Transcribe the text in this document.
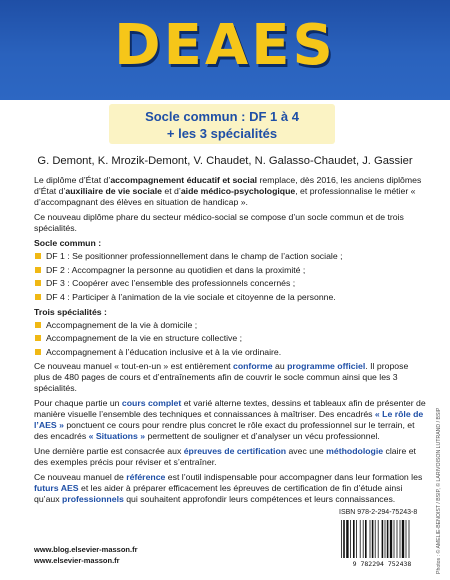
DEAES
Socle commun : DF 1 à 4
+ les 3 spécialités
G. Demont, K. Mrozik-Demont, V. Chaudet, N. Galasso-Chaudet, J. Gassier

Le diplôme d’État d’accompagnement éducatif et social remplace, dès 2016, les anciens diplômes d’État d’auxiliaire de vie sociale et d’aide médico-psychologique, et professionnalise le métier « d’accompagnant des élèves en situation de handicap ».

Ce nouveau diplôme phare du secteur médico-social se compose d’un socle commun et de trois spécialités.

Socle commun :
DF 1 : Se positionner professionnellement dans le champ de l’action sociale ;
DF 2 : Accompagner la personne au quotidien et dans la proximité ;
DF 3 : Coopérer avec l’ensemble des professionnels concernés ;
DF 4 : Participer à l’animation de la vie sociale et citoyenne de la personne.
Trois spécialités :
Accompagnement de la vie à domicile ;
Accompagnement de la vie en structure collective ;
Accompagnement à l’éducation inclusive et à la vie ordinaire.

Ce nouveau manuel « tout-en-un » est entièrement conforme au programme officiel. Il propose plus de 480 pages de cours et d’entraînements afin de couvrir le socle commun ainsi que les 3 spécialités.

Pour chaque partie un cours complet et varié alterne textes, dessins et tableaux afin de présenter de manière visuelle l’ensemble des techniques et connaissances à maîtriser. Des encadrés « Le rôle de l’AES » ponctuent ce cours pour rendre plus concret le rôle exact du professionnel sur le terrain, et des encadrés « Situations » permettent de souligner et d’analyser un vécu professionnel.

Une dernière partie est consacrée aux épreuves de certification avec une méthodologie claire et des exemples précis pour réviser et s’entraîner.

Ce nouveau manuel de référence est l’outil indispensable pour accompagner dans leur formation les futurs AES et les aider à préparer efficacement les épreuves de certification de fin d’étude ainsi qu’aux professionnels qui souhaitent approfondir leurs compétences et leurs connaissances.

ISBN 978-2-294-75243-8
9 782294 752438
www.blog.elsevier-masson.fr
www.elsevier-masson.fr	Photos : © AMELIE-BENOIST / BSIP, © LARIVOISON LUTRAND / BSIP
